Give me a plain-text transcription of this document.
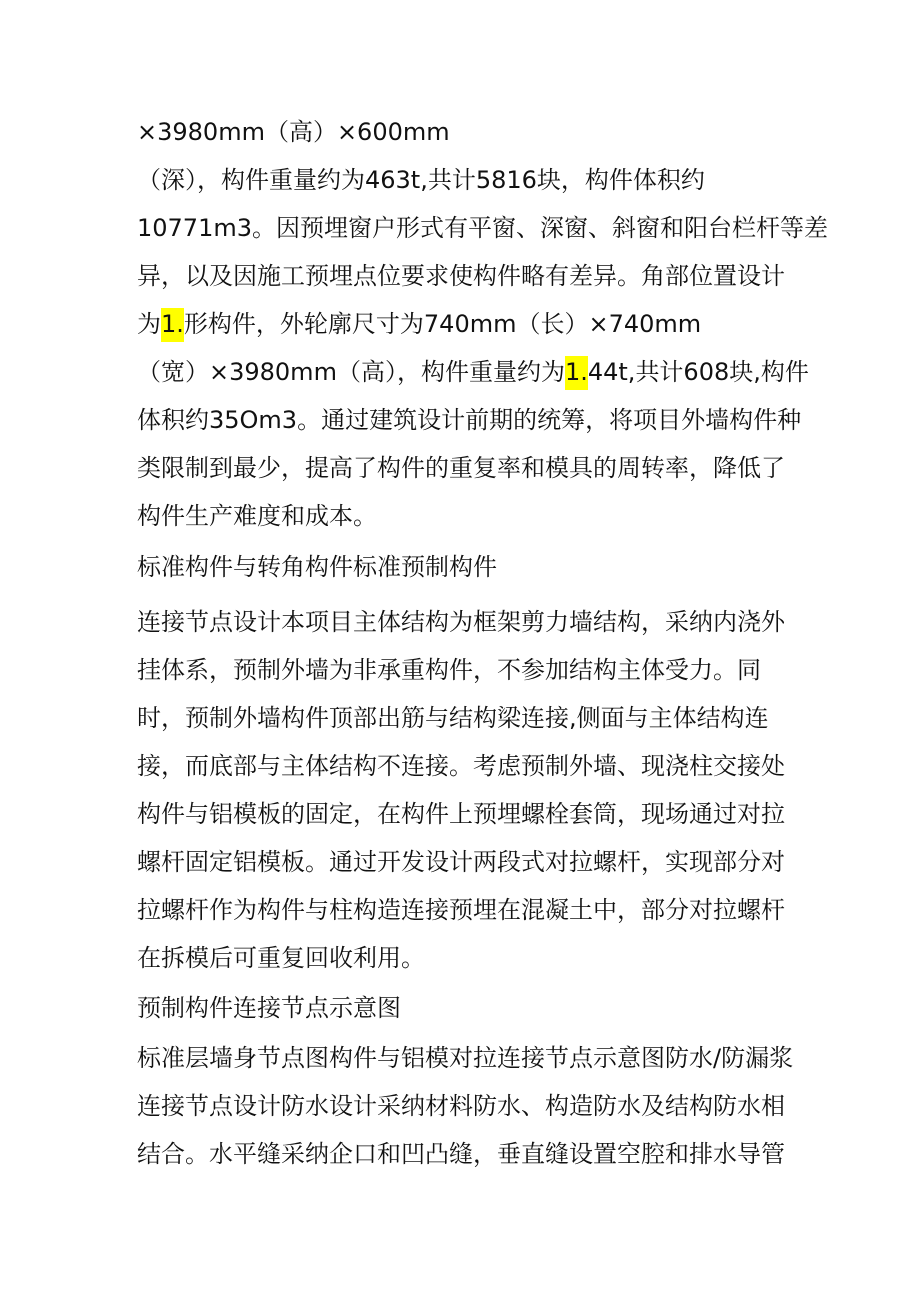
×3980mm（高）×600mm
（深），构件重量约为463t,共计5816块，构件体积约
10771m3。因预埋窗户形式有平窗、深窗、斜窗和阳台栏杆等差
异，以及因施工预埋点位要求使构件略有差异。角部位置设计
为1.形构件，外轮廓尺寸为740mm（长）×740mm
（宽）×3980mm（高），构件重量约为1.44t,共计608块,构件
体积约35Om3。通过建筑设计前期的统筹，将项目外墙构件种
类限制到最少，提高了构件的重复率和模具的周转率，降低了
构件生产难度和成本。
标准构件与转角构件标准预制构件
连接节点设计本项目主体结构为框架剪力墙结构，采纳内浇外
挂体系，预制外墙为非承重构件，不参加结构主体受力。同
时，预制外墙构件顶部出筋与结构梁连接,侧面与主体结构连
接，而底部与主体结构不连接。考虑预制外墙、现浇柱交接处
构件与铝模板的固定，在构件上预埋螺栓套筒，现场通过对拉
螺杆固定铝模板。通过开发设计两段式对拉螺杆，实现部分对
拉螺杆作为构件与柱构造连接预埋在混凝土中，部分对拉螺杆
在拆模后可重复回收利用。
预制构件连接节点示意图
标准层墙身节点图构件与铝模对拉连接节点示意图防水/防漏浆
连接节点设计防水设计采纳材料防水、构造防水及结构防水相
结合。水平缝采纳企口和凹凸缝，垂直缝设置空腔和排水导管
